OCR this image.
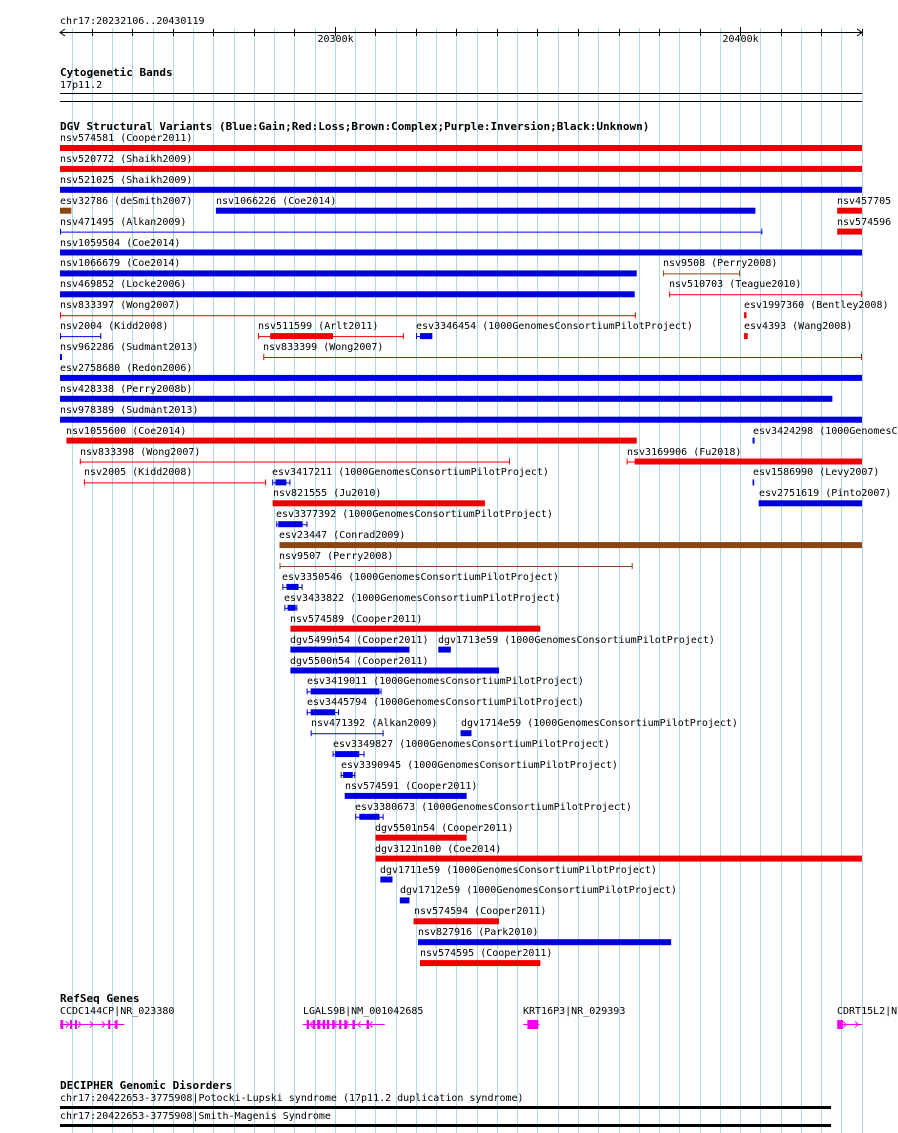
chr17:20232106..20430119
20300k	20400k
Cytogenetic Bands
17p11.2
DGV Structural Variants (Blue:Gain;Red:Loss;Brown:Complex;Purple:Inversion;Black:Unknown)
nsv574581 (Cooper2011)
nsv520772 (Shaikh2009)
nsv521025 (Shaikh2009)
esv32786 (deSmith2007) nsv1066226 (Coe2014)	nsv457705
nsv471495 (Alkan2009)	nsv574596
nsv1059504 (Coe2014)
nsv1066679 (Coe2014)	nsv9508 (Perry2008)
nsv469852 (Locke2006)	nsv510703 (Teague2010)
nsv833397 (Wong2007)	esv1997360 (Bentley2008)
nsv2004 (Kidd2008)	nsv511599 (Arlt2011)	esv3346454 (1000GenomesConsortiumPilotProject)	esv4393 (Wang2008)
nsv962286 (Sudmant2013)	nsv833399 (Wong2007)
esv2758680 (Redon2006)
nsv428338 (Perry2008b)
nsv978389 (Sudmant2013)
nsv1055600 (Coe2014)	esv3424298 (1000GenomesC
nsv833398 (Wong2007)	nsv3169906 (Fu2018)
nsv2005 (Kidd2008)	esv3417211 (1000GenomesConsortiumPilotProject)	esv1586990 (Levy2007)
nsv821555 (Ju2010)	esv2751619 (Pinto2007)
esv3377392 (1000GenomesConsortiumPilotProject)
esv23447 (Conrad2009)
nsv9507 (Perry2008)
esv3350546 (1000GenomesConsortiumPilotProject)
esv3433822 (1000GenomesConsortiumPilotProject)
nsv574589 (Cooper2011)
dgv5499n54 (Cooper2011) dgv1713e59 (1000GenomesConsortiumPilotProject)
dgv5500n54 (Cooper2011)
esv3419011 (1000GenomesConsortiumPilotProject)
esv3445794 (1000GenomesConsortiumPilotProject)
nsv471392 (Alkan2009) dgv1714e59 (1000GenomesConsortiumPilotProject)
esv3349827 (1000GenomesConsortiumPilotProject)
esv3390945 (1000GenomesConsortiumPilotProject)
nsv574591 (Cooper2011)
esv3380673 (1000GenomesConsortiumPilotProject)
dgv5501n54 (Cooper2011)
dgv3121n100 (Coe2014)
dgv1711e59 (1000GenomesConsortiumPilotProject)
dgv1712e59 (1000GenomesConsortiumPilotProject)
nsv574594 (Cooper2011)
nsv827916 (Park2010)
nsv574595 (Cooper2011)
RefSeq Genes
CCDC144CP|NR_023380	LGALS9B|NM_001042685	KRT16P3|NR_029393	CDRT15L2|N
DECIPHER Genomic Disorders
chr17:20422653-3775908|Potocki-Lupski syndrome (17p11.2 duplication syndrome)
chr17:20422653-3775908|Smith-Magenis Syndrome
